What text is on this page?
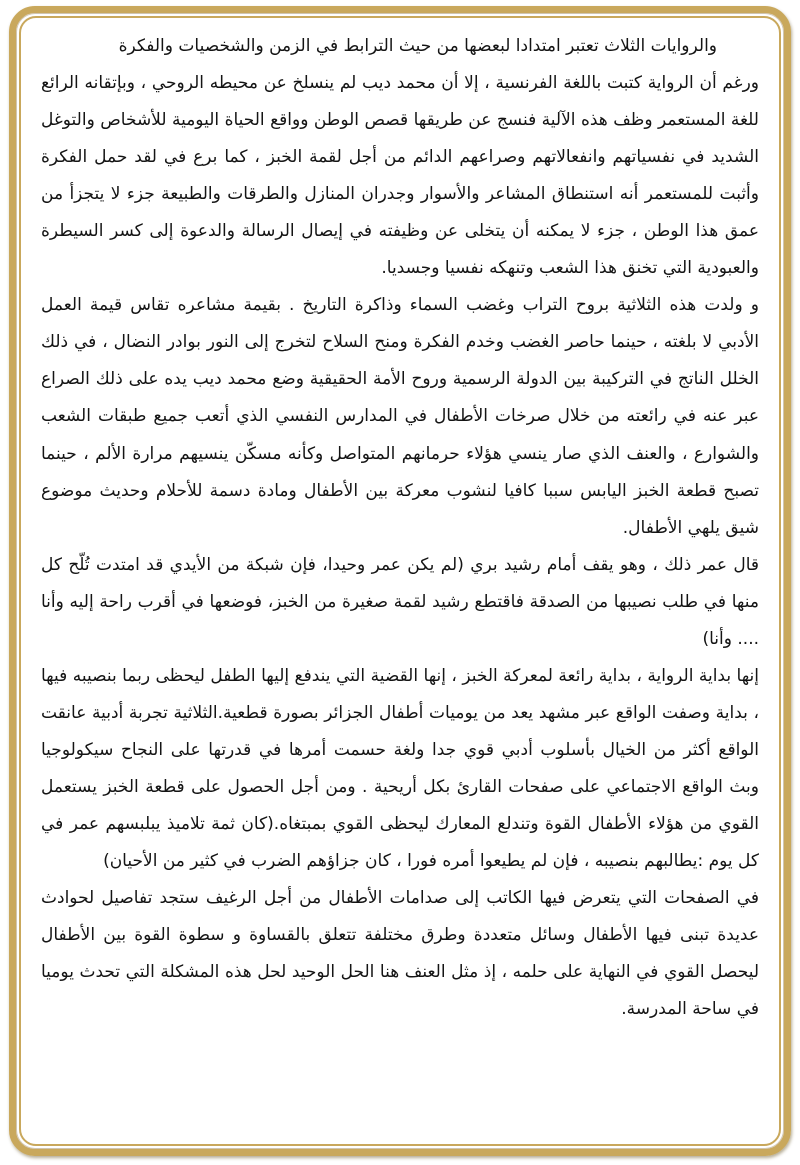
والروايات الثلاث تعتبر امتدادا لبعضها من حيث الترابط في الزمن والشخصيات والفكرة

ورغم أن الرواية كتبت باللغة الفرنسية ، إلا أن محمد ديب لم ينسلخ عن محيطه الروحي ، وبإتقانه الرائع للغة المستعمر وظف هذه الآلية فنسج عن طريقها قصص الوطن وواقع الحياة اليومية للأشخاص والتوغل الشديد في نفسياتهم وانفعالاتهم وصراعهم الدائم من أجل لقمة الخبز ، كما برع في لقد حمل الفكرة وأثبت للمستعمر أنه استنطاق المشاعر والأسوار وجدران المنازل والطرقات والطبيعة جزء لا يتجزأ من عمق هذا الوطن ، جزء لا يمكنه أن يتخلى عن وظيفته في إيصال الرسالة والدعوة إلى كسر السيطرة والعبودية التي تخنق هذا الشعب وتنهكه نفسيا وجسديا.

و ولدت هذه الثلاثية بروح التراب وغضب السماء وذاكرة التاريخ . بقيمة مشاعره تقاس قيمة العمل الأدبي لا بلغته ، حينما حاصر الغضب وخدم الفكرة ومنح السلاح لتخرج إلى النور بوادر النضال ، في ذلك الخلل الناتج في التركيبة بين الدولة الرسمية وروح الأمة الحقيقية وضع محمد ديب يده على ذلك الصراع عبر عنه في رائعته من خلال صرخات الأطفال في المدارس النفسي الذي أتعب جميع طبقات الشعب والشوارع ، والعنف الذي صار ينسي هؤلاء حرمانهم المتواصل وكأنه مسكّن ينسيهم مرارة الألم ، حينما تصبح قطعة الخبز اليابس سببا كافيا لنشوب معركة بين الأطفال ومادة دسمة للأحلام وحديث موضوع شيق يلهي الأطفال.

قال عمر ذلك ، وهو يقف أمام رشيد بري (لم يكن عمر وحيدا، فإن شبكة من الأيدي قد امتدت تُلّح كل منها في طلب نصيبها من الصدقة فاقتطع رشيد لقمة صغيرة من الخبز، فوضعها في أقرب راحة إليه وأنا .... وأنا)

إنها بداية الرواية ، بداية رائعة لمعركة الخبز ، إنها القضية التي يندفع إليها الطفل ليحظى ربما بنصيبه فيها ، بداية وصفت الواقع عبر مشهد يعد من يوميات أطفال الجزائر بصورة قطعية.الثلاثية تجربة أدبية عانقت الواقع أكثر من الخيال بأسلوب أدبي قوي جدا ولغة حسمت أمرها في قدرتها على النجاح سيكولوجيا وبث الواقع الاجتماعي على صفحات القارئ بكل أريحية . ومن أجل الحصول على قطعة الخبز يستعمل القوي من هؤلاء الأطفال القوة وتندلع المعارك ليحظى القوي بمبتغاه.(كان ثمة تلاميذ يبلبسهم عمر في كل يوم :يطالبهم بنصيبه ، فإن لم يطيعوا أمره فورا ، كان جزاؤهم الضرب في كثير من الأحيان)

في الصفحات التي يتعرض فيها الكاتب إلى صدامات الأطفال من أجل الرغيف ستجد تفاصيل لحوادث عديدة تبنى فيها الأطفال وسائل متعددة وطرق مختلفة تتعلق بالقساوة و سطوة القوة بين الأطفال ليحصل القوي في النهاية على حلمه ، إذ مثل العنف هنا الحل الوحيد لحل هذه المشكلة التي تحدث يوميا في ساحة المدرسة.
